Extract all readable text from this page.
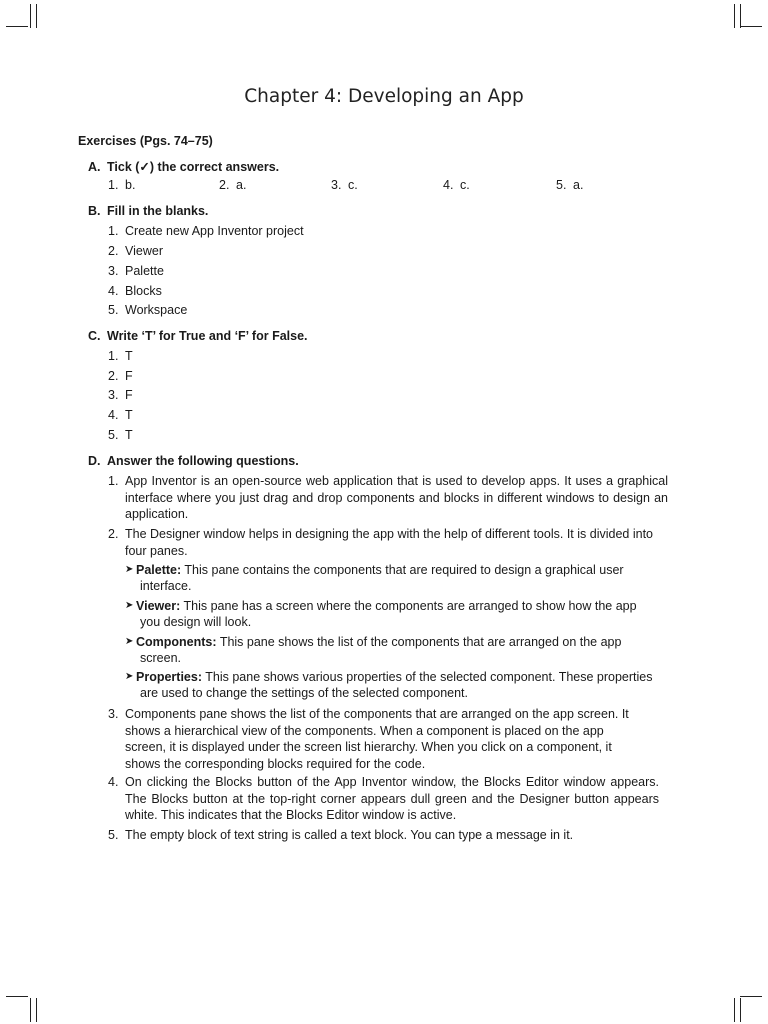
Chapter 4: Developing an App
Exercises (Pgs. 74–75)
A. Tick (✓) the correct answers.
1. b.	2. a.	3. c.	4. c.	5. a.
B. Fill in the blanks.
1. Create new App Inventor project
2. Viewer
3. Palette
4. Blocks
5. Workspace
C. Write ‘T’ for True and ‘F’ for False.
1. T
2. F
3. F
4. T
5. T
D. Answer the following questions.
1. App Inventor is an open-source web application that is used to develop apps. It uses a graphical interface where you just drag and drop components and blocks in different windows to design an application.
2. The Designer window helps in designing the app with the help of different tools. It is divided into four panes.
➤ Palette: This pane contains the components that are required to design a graphical user
interface.
➤ Viewer: This pane has a screen where the components are arranged to show how the app
you design will look.
➤ Components: This pane shows the list of the components that are arranged on the app
screen.
➤ Properties: This pane shows various properties of the selected component. These properties
are used to change the settings of the selected component.
3. Components pane shows the list of the components that are arranged on the app screen. It
shows a hierarchical view of the components. When a component is placed on the app
screen, it is displayed under the screen list hierarchy. When you click on a component, it
shows the corresponding blocks required for the code.
4. On clicking the Blocks button of the App Inventor window, the Blocks Editor window appears. The Blocks button at the top-right corner appears dull green and the Designer button appears white. This indicates that the Blocks Editor window is active.
5. The empty block of text string is called a text block. You can type a message in it.
